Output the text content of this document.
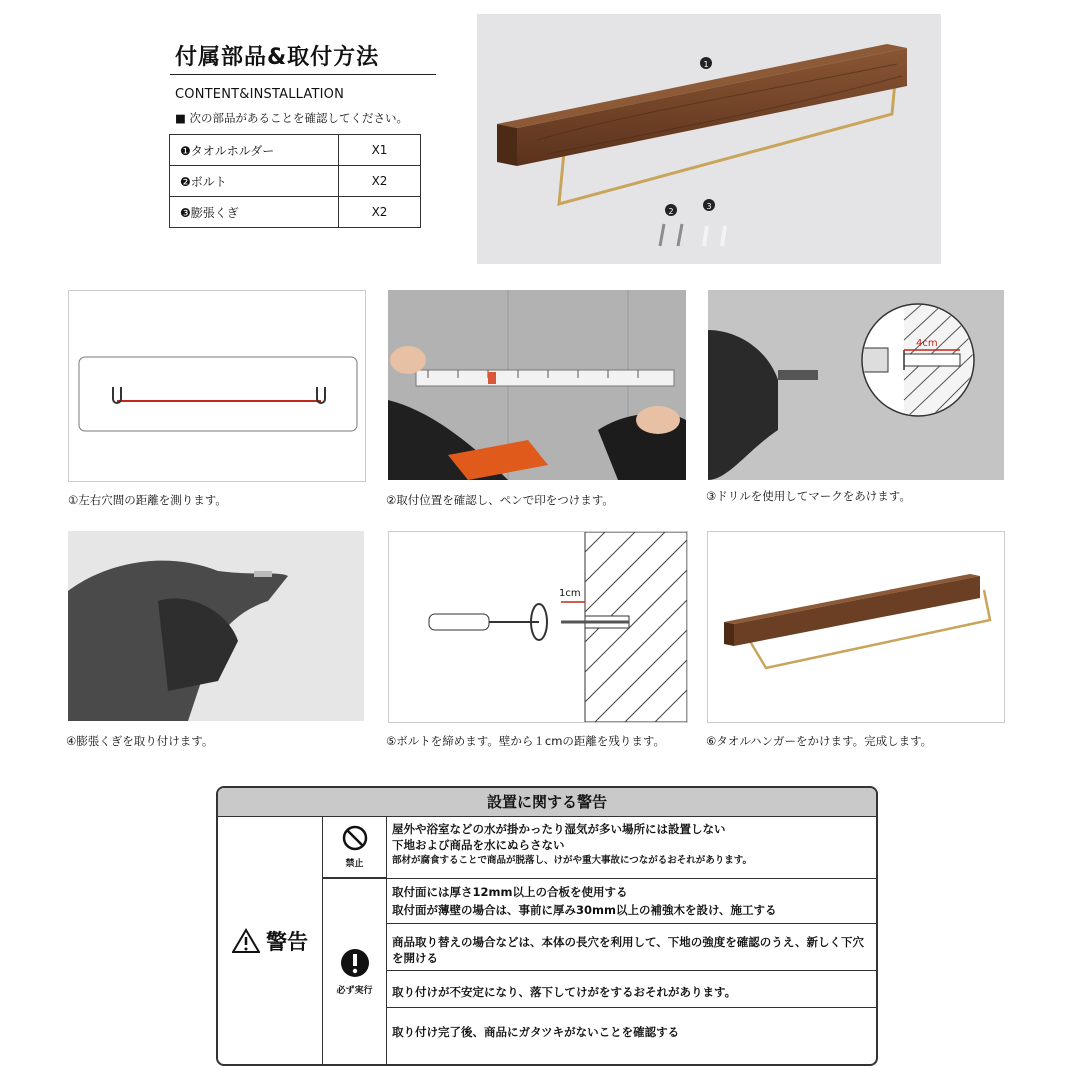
付属部品&取付方法
CONTENT&INSTALLATION
■ 次の部品があることを確認してください。
❶タオルホルダー	X1
❷ボルト	X2
❸膨張くぎ	X2
1
2
3
①左右穴間の距離を測ります。	②取付位置を確認し、ペンで印をつけます。
4cm
③ドリルを使用してマークをあけます。
④膨張くぎを取り付けます。
1cm
⑤ボルトを締めます。壁から１cmの距離を残ります。	⑥タオルハンガーをかけます。完成します。
設置に関する警告
警告
禁止
屋外や浴室などの水が掛かったり湿気が多い場所には設置しない
下地および商品を水にぬらさない
部材が腐食することで商品が脱落し、けがや重大事故につながるおそれがあります。
必ず実行
取付面には厚さ12mm以上の合板を使用する
取付面が薄壁の場合は、事前に厚み30mm以上の補強木を設け、施工する
商品取り替えの場合などは、本体の長穴を利用して、下地の強度を確認のうえ、新しく下穴を開ける
取り付けが不安定になり、落下してけがをするおそれがあります。
取り付け完了後、商品にガタツキがないことを確認する
